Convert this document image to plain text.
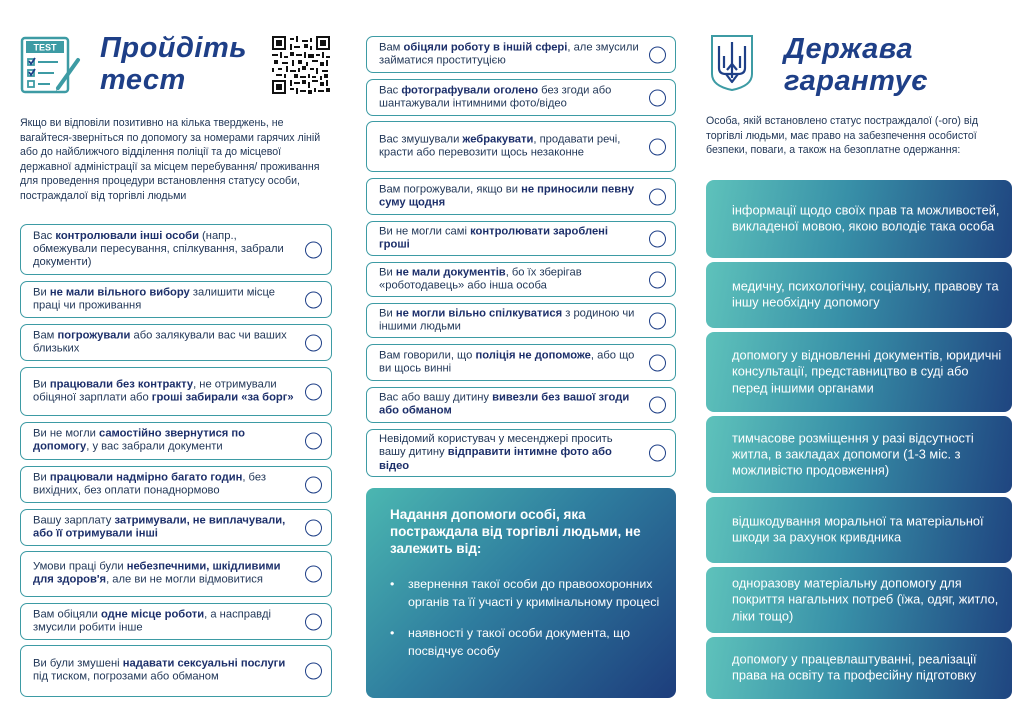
TEST Пройдіть
тест

Якщо ви відповіли позитивно на кілька тверджень, не вагайтеся-зверніться по допомогу за номерами гарячих ліній або до найближчого відділення поліції та до місцевої державної адміністрації за місцем перебування/ проживання для проведення процедури встановлення статусу особи, постраждалої від торгівлі людьми

Вас контролювали інші особи (напр., обмежували пересування, спілкування, забрали документи)
Ви не мали вільного вибору залишити місце праці чи проживання
Вам погрожували або залякували вас чи ваших близьких
Ви працювали без контракту, не отримували обіцяної зарплати або гроші забирали «за борг»
Ви не могли самостійно звернутися по допомогу, у вас забрали документи
Ви працювали надмірно багато годин, без вихідних, без оплати понаднормово
Вашу зарплату затримували, не виплачували, або її отримували інші
Умови праці були небезпечними, шкідливими для здоров'я, але ви не могли відмовитися
Вам обіцяли одне місце роботи, а насправді змусили робити інше
Ви були змушені надавати сексуальні послуги під тиском, погрозами або обманом
Вам обіцяли роботу в іншій сфері, але змусили займатися проституцією
Вас фотографували оголено без згоди або шантажували інтимними фото/відео
Вас змушували жебракувати, продавати речі, красти або перевозити щось незаконне
Вам погрожували, якщо ви не приносили певну суму щодня
Ви не могли самі контролювати зароблені гроші
Ви не мали документів, бо їх зберігав «роботодавець» або інша особа
Ви не могли вільно спілкуватися з родиною чи іншими людьми
Вам говорили, що поліція не допоможе, або що ви щось винні
Вас або вашу дитину вивезли без вашої згоди або обманом
Невідомий користувач у месенджері просить вашу дитину відправити інтимне фото або відео
Надання допомоги особі, яка постраждала від торгівлі людьми, не залежить від:
• звернення такої особи до правоохоронних органів та її участі у кримінальному процесі
• наявності у такої особи документа, що посвідчує особу
Держава
гарантує

Особа, якій встановлено статус постраждалої (-ого) від торгівлі людьми, має право на забезпечення особистої безпеки, поваги, а також на безоплатне одержання:

інформації щодо своїх прав та можливостей, викладеної мовою, якою володіє така особа
медичну, психологічну, соціальну, правову та іншу необхідну допомогу
допомогу у відновленні документів, юридичні консультації, представництво в суді або перед іншими органами
тимчасове розміщення у разі відсутності житла, в закладах допомоги (1-3 міс. з можливістю продовження)
відшкодування моральної та матеріальної шкоди за рахунок кривдника
одноразову матеріальну допомогу для покриття нагальних потреб (їжа, одяг, житло, ліки тощо)
допомогу у працевлаштуванні, реалізації права на освіту та професійну підготовку
